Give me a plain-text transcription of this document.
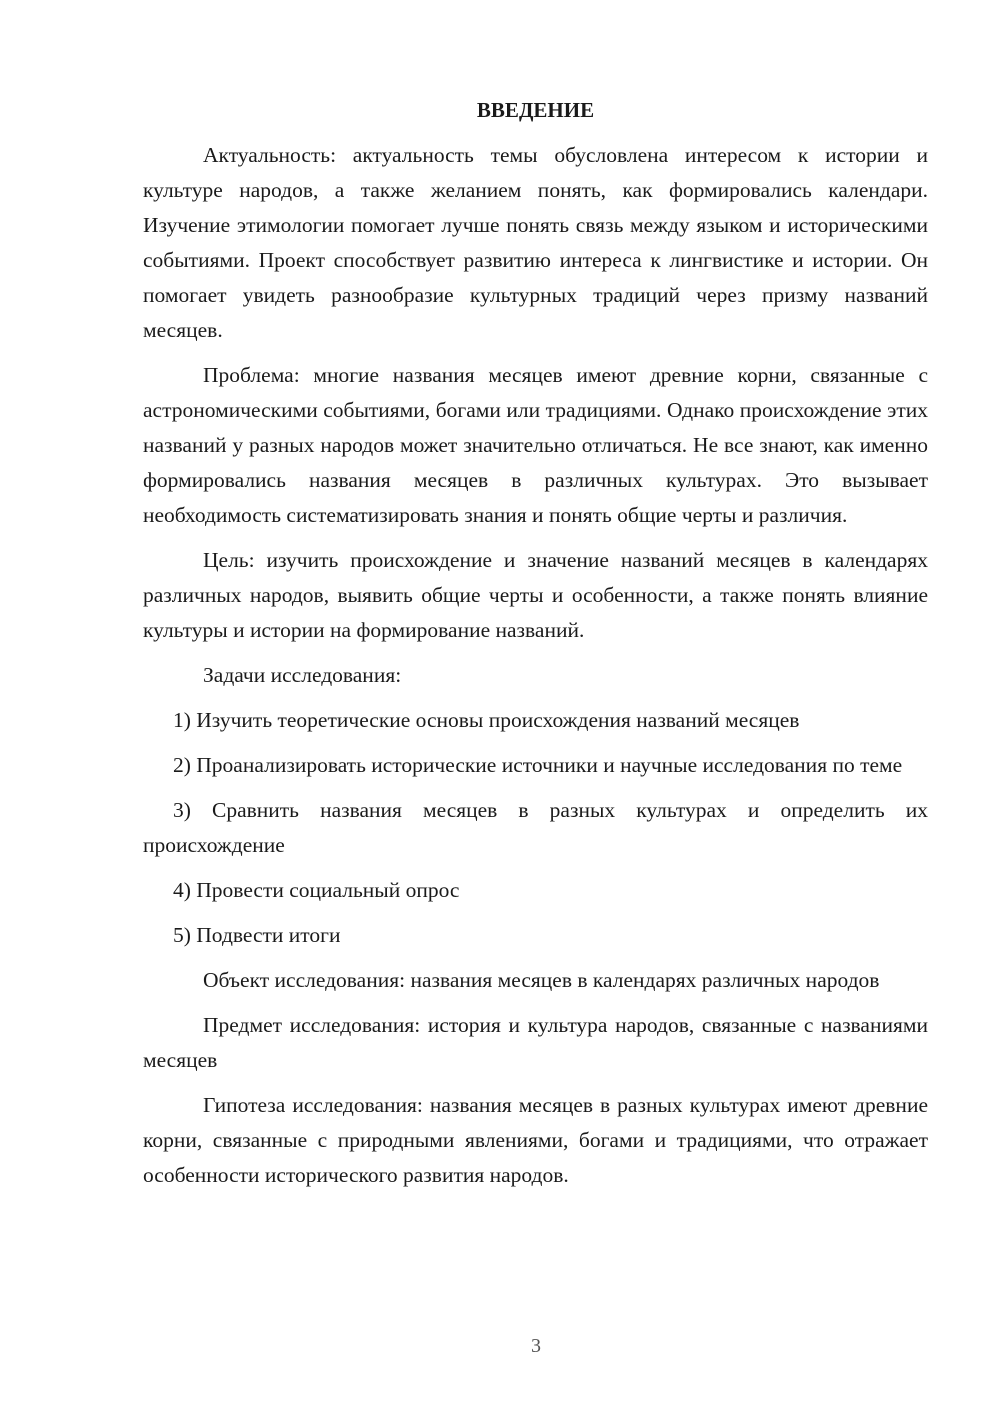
ВВЕДЕНИЕ

Актуальность: актуальность темы обусловлена интересом к истории и культуре народов, а также желанием понять, как формировались календари. Изучение этимологии помогает лучше понять связь между языком и историческими событиями. Проект способствует развитию интереса к лингвистике и истории. Он помогает увидеть разнообразие культурных традиций через призму названий месяцев.

Проблема: многие названия месяцев имеют древние корни, связанные с астрономическими событиями, богами или традициями. Однако происхождение этих названий у разных народов может значительно отличаться. Не все знают, как именно формировались названия месяцев в различных культурах. Это вызывает необходимость систематизировать знания и понять общие черты и различия.

Цель: изучить происхождение и значение названий месяцев в календарях различных народов, выявить общие черты и особенности, а также понять влияние культуры и истории на формирование названий.

Задачи исследования:

1) Изучить теоретические основы происхождения названий месяцев

2) Проанализировать исторические источники и научные исследования по теме

3) Сравнить названия месяцев в разных культурах и определить их происхождение

4) Провести социальный опрос

5) Подвести итоги

Объект исследования: названия месяцев в календарях различных народов

Предмет исследования: история и культура народов, связанные с названиями месяцев

Гипотеза исследования: названия месяцев в разных культурах имеют древние корни, связанные с природными явлениями, богами и традициями, что отражает особенности исторического развития народов.

3
